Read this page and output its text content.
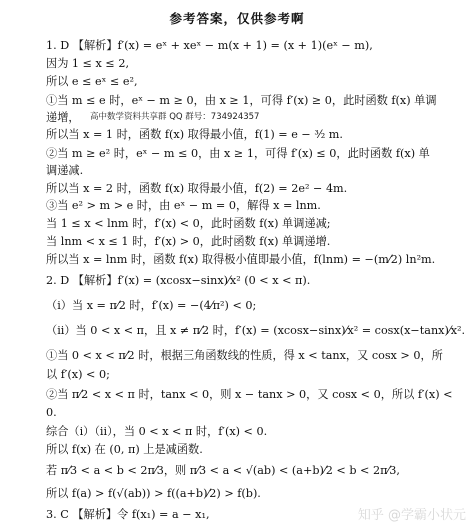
参考答案，仅供参考啊
1. D 【解析】f′(x) = eˣ + xeˣ − m(x + 1) = (x + 1)(eˣ − m),
因为 1 ≤ x ≤ 2,
所以 e ≤ eˣ ≤ e²,
①当 m ≤ e 时，eˣ − m ≥ 0，由 x ≥ 1，可得 f′(x) ≥ 0，此时函数 f(x) 单调
递增， 高中数学资料共享群 QQ 群号：734924357
所以当 x = 1 时，函数 f(x) 取得最小值，f(1) = e − ³⁄₂ m.
②当 m ≥ e² 时，eˣ − m ≤ 0，由 x ≥ 1，可得 f′(x) ≤ 0，此时函数 f(x) 单
调递减.
所以当 x = 2 时，函数 f(x) 取得最小值，f(2) = 2e² − 4m.
③当 e² > m > e 时，由 eˣ − m = 0，解得 x = lnm.
当 1 ≤ x < lnm 时，f′(x) < 0，此时函数 f(x) 单调递减;
当 lnm < x ≤ 1 时，f′(x) > 0，此时函数 f(x) 单调递增.
所以当 x = lnm 时，函数 f(x) 取得极小值即最小值，f(lnm) = −(m⁄2) ln²m.
2. D 【解析】f′(x) = (xcosx−sinx)⁄x² (0 < x < π).
（i）当 x = π⁄2 时，f′(x) = −(4⁄π²) < 0;
（ii）当 0 < x < π，且 x ≠ π⁄2 时，f′(x) = (xcosx−sinx)⁄x² = cosx(x−tanx)⁄x².
①当 0 < x < π⁄2 时，根据三角函数线的性质，得 x < tanx，又 cosx > 0，所
以 f′(x) < 0;
②当 π⁄2 < x < π 时，tanx < 0，则 x − tanx > 0，又 cosx < 0，所以 f′(x) <
0.
综合（i）（ii），当 0 < x < π 时，f′(x) < 0.
所以 f(x) 在 (0, π) 上是减函数.
若 π⁄3 < a < b < 2π⁄3，则 π⁄3 < a < √(ab) < (a+b)⁄2 < b < 2π⁄3,
所以 f(a) > f(√(ab)) > f((a+b)⁄2) > f(b).
3. C 【解析】令 f(x₁) = a − x₁,	知乎 @学霸小状元
